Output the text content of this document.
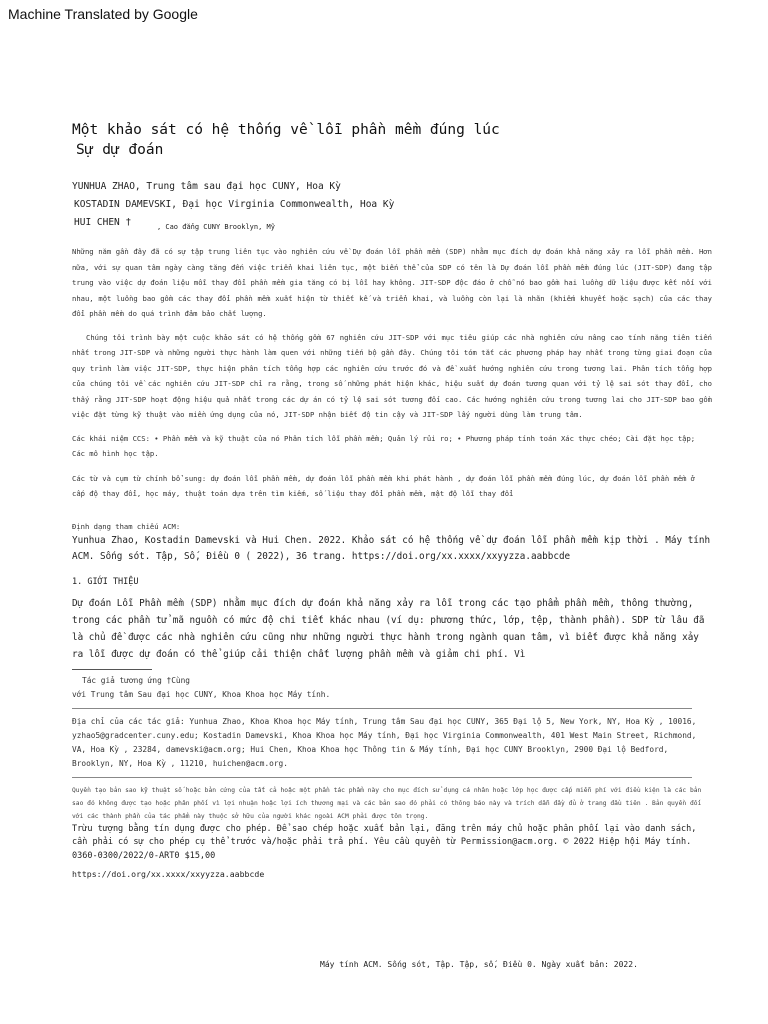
Machine Translated by Google
Một khảo sát có hệ thống về lỗi phần mềm đúng lúc
Sự dự đoán
YUNHUA ZHAO, Trung tâm sau đại học CUNY, Hoa Kỳ
KOSTADIN DAMEVSKI, Đại học Virginia Commonwealth, Hoa Kỳ
HUI CHEN †	$_{, Cao đẳng CUNY Brooklyn, Mỹ}$

Những năm gần đây đã có sự tập trung liên tục vào nghiên cứu về Dự đoán lỗi phần mềm (SDP) nhằm mục đích dự đoán khả năng xảy ra lỗi phần mềm. Hơn nữa, với sự quan tâm ngày càng tăng đến việc triển khai liên tục, một biến thể của SDP có tên là Dự đoán lỗi phần mềm đúng lúc (JIT-SDP) đang tập trung vào việc dự đoán liệu mỗi thay đổi phần mềm gia tăng có bị lỗi hay không. JIT-SDP độc đáo ở chỗ nó bao gồm hai luồng dữ liệu được kết nối với nhau, một luồng bao gồm các thay đổi phần mềm xuất hiện từ thiết kế và triển khai, và luồng còn lại là nhãn (khiếm khuyết hoặc sạch) của các thay đổi phần mềm do quá trình đảm bảo chất lượng.

Chúng tôi trình bày một cuộc khảo sát có hệ thống gồm 67 nghiên cứu JIT-SDP với mục tiêu giúp các nhà nghiên cứu nâng cao tính năng tiên tiến nhất trong JIT-SDP và những người thực hành làm quen với những tiến bộ gần đây. Chúng tôi tóm tắt các phương pháp hay nhất trong từng giai đoạn của quy trình làm việc JIT-SDP, thực hiện phân tích tổng hợp các nghiên cứu trước đó và đề xuất hướng nghiên cứu trong tương lai. Phân tích tổng hợp của chúng tôi về các nghiên cứu JIT-SDP chỉ ra rằng, trong số những phát hiện khác, hiệu suất dự đoán tương quan với tỷ lệ sai sót thay đổi, cho thấy rằng JIT-SDP hoạt động hiệu quả nhất trong các dự án có tỷ lệ sai sót tương đối cao. Các hướng nghiên cứu trong tương lai cho JIT-SDP bao gồm việc đặt từng kỹ thuật vào miền ứng dụng của nó, JIT-SDP nhận biết độ tin cậy và JIT-SDP lấy người dùng làm trung tâm.

Các khái niệm CCS: • Phần mềm và kỹ thuật của nó Phân tích lỗi phần mềm; Quản lý rủi ro; • Phương pháp tính toán Xác thực chéo; Cài đặt học tập; Các mô hình học tập.
Các từ và cụm từ chính bổ sung: dự đoán lỗi phần mềm, dự đoán lỗi phần mềm khi phát hành , dự đoán lỗi phần mềm đúng lúc, dự đoán lỗi phần mềm ở cấp độ thay đổi, học máy, thuật toán dựa trên tìm kiếm, số liệu thay đổi phần mềm, mật độ lỗi thay đổi
Định dạng tham chiếu ACM:
Yunhua Zhao, Kostadin Damevski và Hui Chen. 2022. Khảo sát có hệ thống về dự đoán lỗi phần mềm kịp thời . Máy tính ACM. Sống sót. Tập, Số, Điều 0 ( 2022), 36 trang. https://doi.org/xx.xxxx/xxyyzza.aabbcde
1. GIỚI THIỆU
Dự đoán Lỗi Phần mềm (SDP) nhằm mục đích dự đoán khả năng xảy ra lỗi trong các tạo phẩm phần mềm, thông thường, trong các phần tử mã nguồn có mức độ chi tiết khác nhau (ví dụ: phương thức, lớp, tệp, thành phần). SDP từ lâu đã là chủ đề được các nhà nghiên cứu cũng như những người thực hành trong ngành quan tâm, vì biết được khả năng xảy ra lỗi được dự đoán có thể giúp cải thiện chất lượng phần mềm và giảm chi phí. Vì
Tác giả tương ứng †Cùng
với Trung tâm Sau đại học CUNY, Khoa Khoa học Máy tính.
Địa chỉ của các tác giả: Yunhua Zhao, Khoa Khoa học Máy tính, Trung tâm Sau đại học CUNY, 365 Đại lộ 5, New York, NY, Hoa Kỳ , 10016, yzhao5@gradcenter.cuny.edu; Kostadin Damevski, Khoa Khoa học Máy tính, Đại học Virginia Commonwealth, 401 West Main Street, Richmond, VA, Hoa Kỳ , 23284, damevski@acm.org; Hui Chen, Khoa Khoa học Thông tin & Máy tính, Đại học CUNY Brooklyn, 2900 Đại lộ Bedford, Brooklyn, NY, Hoa Kỳ , 11210, huichen@acm.org.
Quyền tạo bản sao kỹ thuật số hoặc bản cứng của tất cả hoặc một phần tác phẩm này cho mục đích sử dụng cá nhân hoặc lớp học được cấp miễn phí với điều kiện là các bản sao đó không được tạo hoặc phân phối vì lợi nhuận hoặc lợi ích thương mại và các bản sao đó phải có thông báo này và trích dẫn đầy đủ ở trang đầu tiên . Bản quyền đối với các thành phần của tác phẩm này thuộc sở hữu của người khác ngoài ACM phải được tôn trọng.
Trừu tượng bằng tín dụng được cho phép. Để sao chép hoặc xuất bản lại, đăng trên máy chủ hoặc phân phối lại vào danh sách, cần phải có sự cho phép cụ thể trước và/hoặc phải trả phí. Yêu cầu quyền từ Permission@acm.org. © 2022 Hiệp hội Máy tính.
0360-0300/2022/0-ART0 $15,00
https://doi.org/xx.xxxx/xxyyzza.aabbcde
Máy tính ACM. Sống sót, Tập. Tập, số, Điều 0. Ngày xuất bản: 2022.
